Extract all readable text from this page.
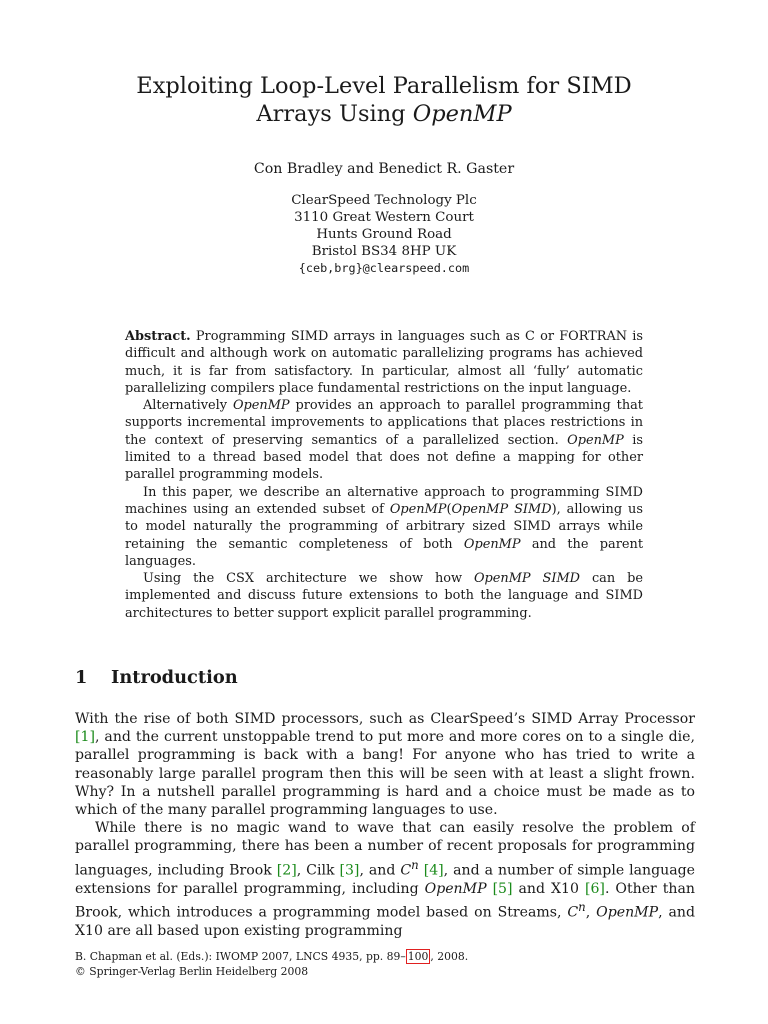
Exploiting Loop-Level Parallelism for SIMD
Arrays Using OpenMP
Con Bradley and Benedict R. Gaster
ClearSpeed Technology Plc
3110 Great Western Court
Hunts Ground Road
Bristol BS34 8HP UK
{ceb,brg}@clearspeed.com

Abstract. Programming SIMD arrays in languages such as C or FORTRAN is difficult and although work on automatic parallelizing programs has achieved much, it is far from satisfactory. In particular, almost all ‘fully’ automatic parallelizing compilers place fundamental restrictions on the input language.

Alternatively OpenMP provides an approach to parallel programming that supports incremental improvements to applications that places restrictions in the context of preserving semantics of a parallelized section. OpenMP is limited to a thread based model that does not define a mapping for other parallel programming models.

In this paper, we describe an alternative approach to programming SIMD machines using an extended subset of OpenMP(OpenMP SIMD), allowing us to model naturally the programming of arbitrary sized SIMD arrays while retaining the semantic completeness of both OpenMP and the parent languages.

Using the CSX architecture we show how OpenMP SIMD can be implemented and discuss future extensions to both the language and SIMD architectures to better support explicit parallel programming.

1 Introduction

With the rise of both SIMD processors, such as ClearSpeed’s SIMD Array Processor [1], and the current unstoppable trend to put more and more cores on to a single die, parallel programming is back with a bang! For anyone who has tried to write a reasonably large parallel program then this will be seen with at least a slight frown. Why? In a nutshell parallel programming is hard and a choice must be made as to which of the many parallel programming languages to use.

While there is no magic wand to wave that can easily resolve the problem of parallel programming, there has been a number of recent proposals for programming languages, including Brook [2], Cilk [3], and $C^n$ [4], and a number of simple language extensions for parallel programming, including OpenMP [5] and X10 [6]. Other than Brook, which introduces a programming model based on Streams, $C^n$, OpenMP, and X10 are all based upon existing programming

B. Chapman et al. (Eds.): IWOMP 2007, LNCS 4935, pp. 89– 100 , 2008.
© Springer-Verlag Berlin Heidelberg 2008
